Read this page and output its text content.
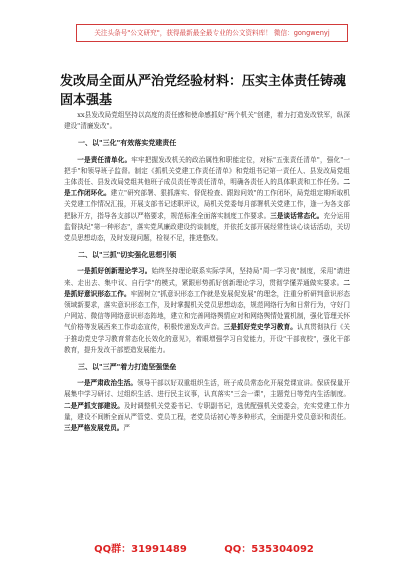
关注头条号"公文研究"，获得最新最全最专业的公文资料库！ 微信：gongwenyj
发改局全面从严治党经验材料：压实主体责任铸魂固本强基

xx县发改局党组坚持以高度的责任感和使命感抓好"两个机关"创建，着力打造发改铁军，纵深建设"清廉发改"。

一、以"三化"有效落实党建责任

一是责任清单化。牢牢把握发改机关的政治属性和职能定位，对标"五张责任清单"，强化"一把手"和领导班子监督。制定《抓机关党建工作责任清单》和党组书记第一责任人、县发改局党组主体责任、县发改局党组其他班子成员责任等责任清单，明确各责任人的具体职责和工作任务。二是工作闭环化。建立"研究部署、狠抓落实、督促检查、跟踪问效"的工作闭环，局党组定期听取机关党建工作情况汇报，开展支部书记述职评议，局机关党委每月部署机关党建工作，逢一为各支部把脉开方，指导各支部以严格要求，规范标准全面落实制度工作要求。三是谈话常态化。充分运用监督执纪"第一种形态"，落实党风廉政建设约谈制度，并依托支部开展经常性谈心谈话活动，关切党员思想动态，及时发现问题，检视不足，推进整改。

二、以"三抓"切实强化思想引领

一是抓好创新理论学习。始终坚持理论联系实际学风，坚持局"周一学习夜"制度，采用"请进来、走出去、集中议、自行学"的模式，紧跟形势抓好创新理论学习，贯彻学懂弄通做实要求。二是抓好意识形态工作。牢固树立"抓意识形态工作就是发展促发展"的理念，注重分析研判意识形态领域新要求，落实意识形态工作，及时掌握机关党员思想动态，规范网络行为和日常行为，守好门户网站、微信等网络意识形态阵地，建立和完善网络舆情应对和网络舆情处置机制，强化管理关怀气价格等发展西来工作动态宣传，积极传递发改声音。三是抓好党史学习教育。认真贯彻执行《关于推动党史学习教育常态化长效化的意见》，着眼增强学习自觉能力，开设"干部夜校"，强化干部教育，提升发改干部塑造发展能力。

三、以"三严"着力打造坚强堡垒

一是严肃政治生活。领导干部以好双重组织生活，班子成员常态化开展党课宣讲。保质保量开展集中学习研讨、过组织生活、进行民主议事，认真落实"三会一课"，主题党日等党内生活制度。二是严抓支部建设。及时调整机关党委书记、专职副书记，选优配强机关党委会，充实党建工作力量，建设不间断全面从严管党、党员工程，老党员话初心等多种形式，全面提升党员意识和责任。三是严格发展党员。严

QQ群：31991489	QQ：535304092
